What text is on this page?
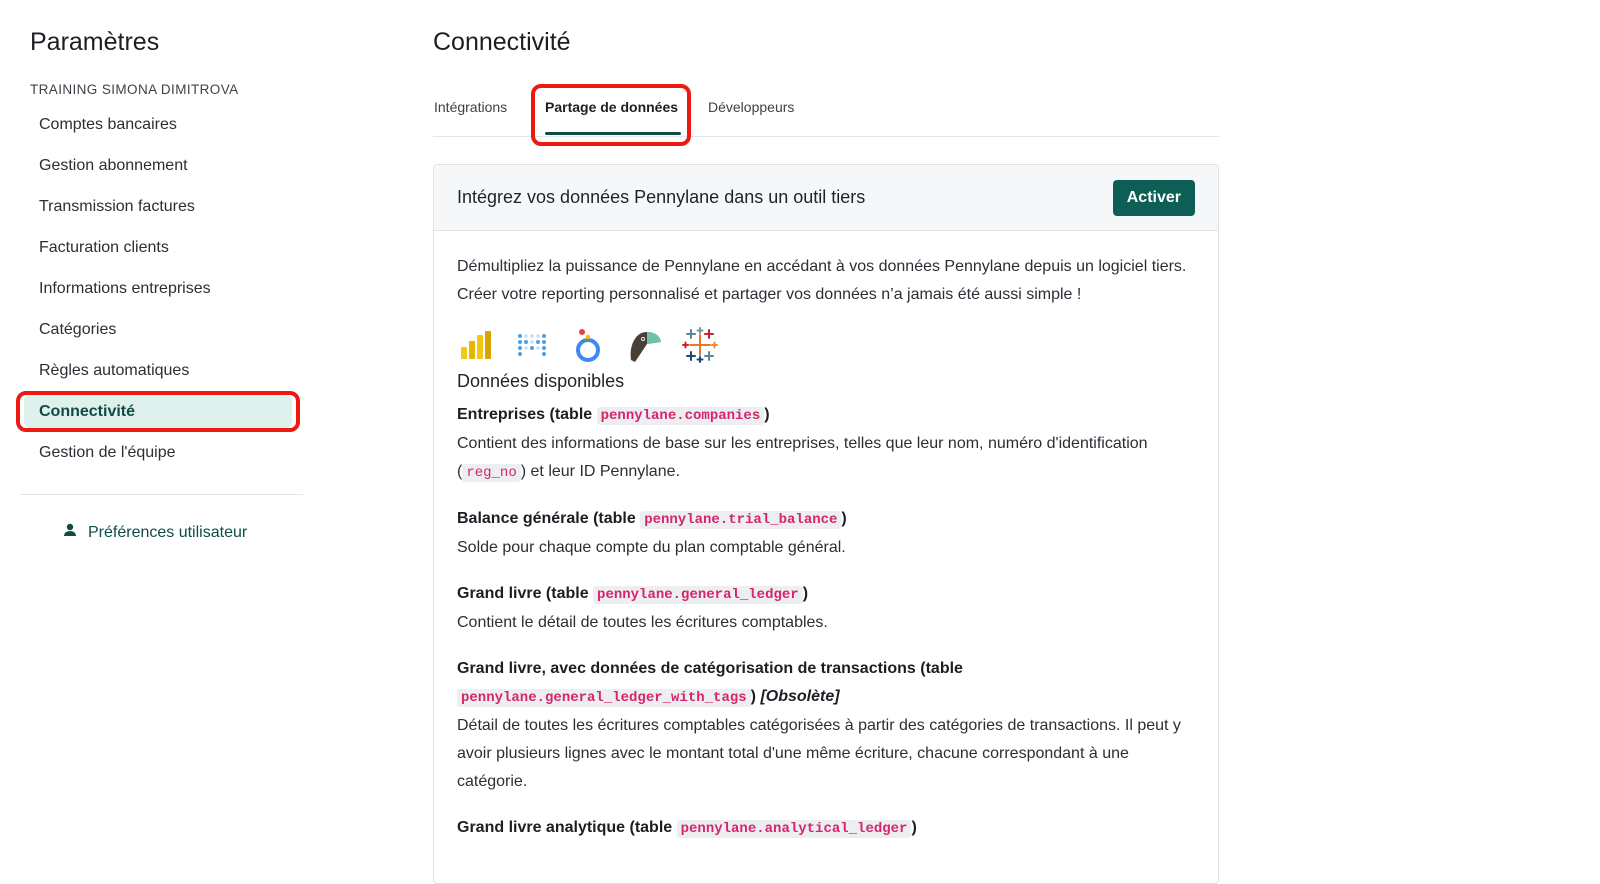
Paramètres
TRAINING SIMONA DIMITROVA
Comptes bancaires
Gestion abonnement
Transmission factures
Facturation clients
Informations entreprises
Catégories
Règles automatiques
Connectivité
Gestion de l'équipe
Préférences utilisateur
Connectivité
Intégrations	Partage de données Développeurs
Intégrez vos données Pennylane dans un outil tiers	Activer

Démultipliez la puissance de Pennylane en accédant à vos données Pennylane depuis un logiciel tiers. Créer votre reporting personnalisé et partager vos données n’a jamais été aussi simple !

Données disponibles
Entreprises (table pennylane.companies )

Contient des informations de base sur les entreprises, telles que leur nom, numéro d'identification ( reg_no ) et leur ID Pennylane.

Balance générale (table pennylane.trial_balance )

Solde pour chaque compte du plan comptable général.

Grand livre (table pennylane.general_ledger )

Contient le détail de toutes les écritures comptables.

Grand livre, avec données de catégorisation de transactions (table pennylane.general_ledger_with_tags ) [Obsolète]

Détail de toutes les écritures comptables catégorisées à partir des catégories de transactions. Il peut y avoir plusieurs lignes avec le montant total d'une même écriture, chacune correspondant à une catégorie.

Grand livre analytique (table pennylane.analytical_ledger )
